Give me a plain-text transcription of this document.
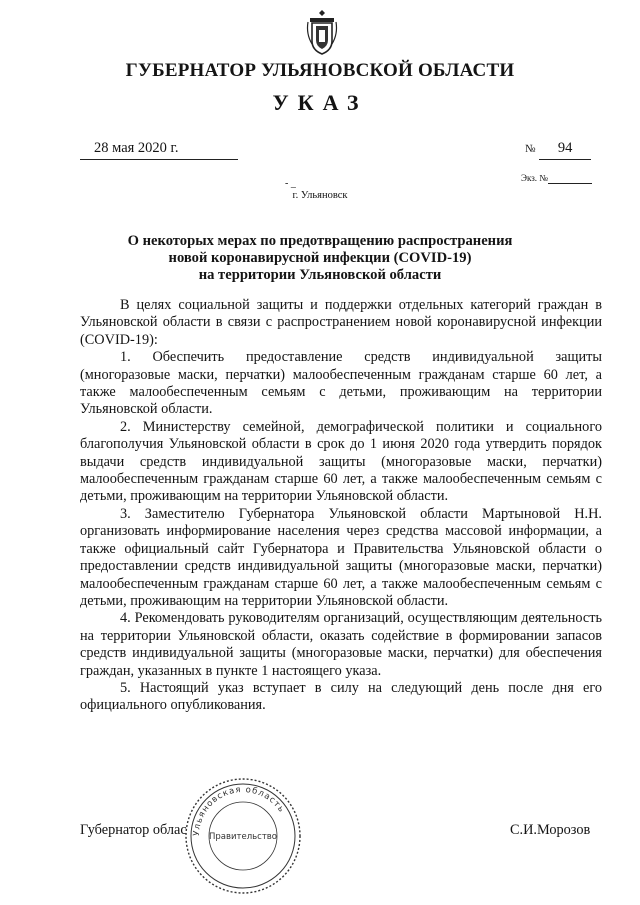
ГУБЕРНАТОР УЛЬЯНОВСКОЙ ОБЛАСТИ
УКАЗ
28 мая 2020 г.	№ 94
- _	Экз. №
г. Ульяновск
О некоторых мерах по предотвращению распространения
новой коронавирусной инфекции (COVID-19)
на территории Ульяновской области

В целях социальной защиты и поддержки отдельных категорий граждан в Ульяновской области в связи с распространением новой коронавирусной инфекции (COVID-19):

1. Обеспечить предоставление средств индивидуальной защиты (многоразовые маски, перчатки) малообеспеченным гражданам старше 60 лет, а также малообеспеченным семьям с детьми, проживающим на территории Ульяновской области.

2. Министерству семейной, демографической политики и социального благополучия Ульяновской области в срок до 1 июня 2020 года утвердить порядок выдачи средств индивидуальной защиты (многоразовые маски, перчатки) малообеспеченным гражданам старше 60 лет, а также малообеспеченным семьям с детьми, проживающим на территории Ульяновской области.

3. Заместителю Губернатора Ульяновской области Мартыновой Н.Н. организовать информирование населения через средства массовой информации, а также официальный сайт Губернатора и Правительства Ульяновской области о предоставлении средств индивидуальной защиты (многоразовые маски, перчатки) малообеспеченным гражданам старше 60 лет, а также малообеспеченным семьям с детьми, проживающим на территории Ульяновской области.

4. Рекомендовать руководителям организаций, осуществляющим деятельность на территории Ульяновской области, оказать содействие в формировании запасов средств индивидуальной защиты (многоразовые маски, перчатки) для обеспечения граждан, указанных в пункте 1 настоящего указа.

5. Настоящий указ вступает в силу на следующий день после дня его официального опубликования.

Губернатор облас	С.И.Морозов
Ульяновская область
Правительство
